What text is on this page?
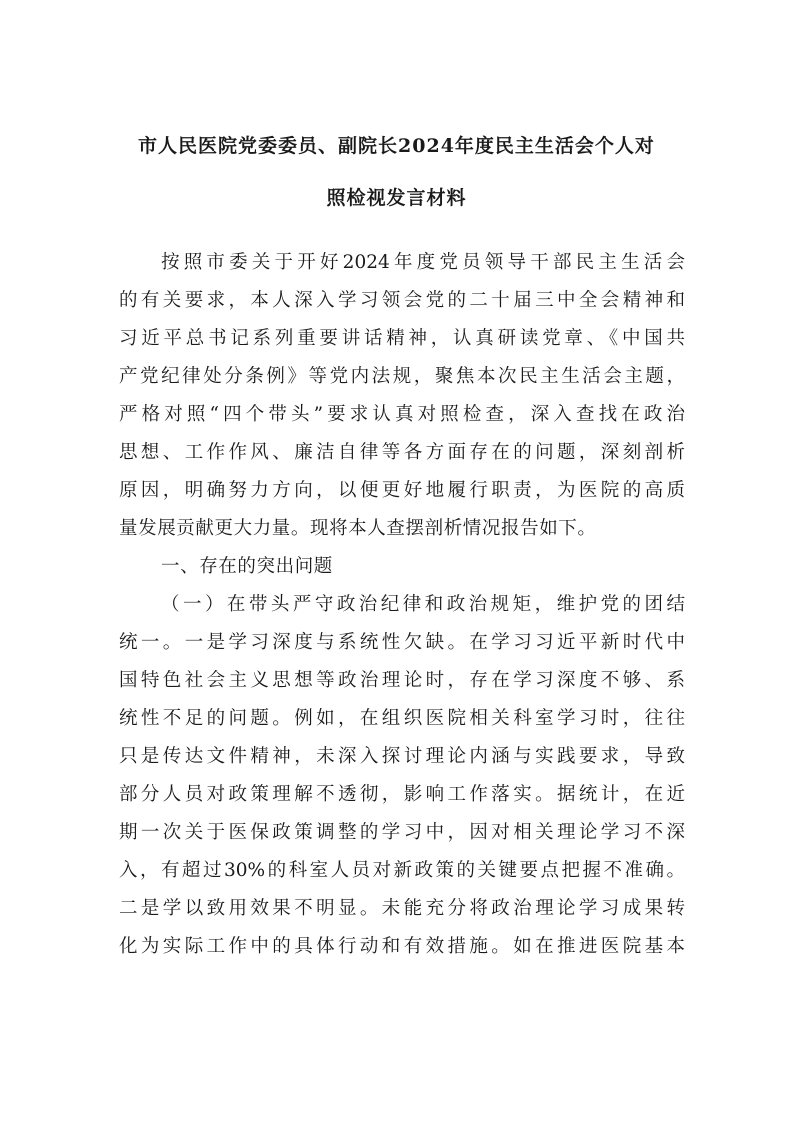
市人民医院党委委员、副院长2024年度民主生活会个人对
照检视发言材料
按照市委关于开好2024年度党员领导干部民主生活会
的有关要求，本人深入学习领会党的二十届三中全会精神和
习近平总书记系列重要讲话精神，认真研读党章、《中国共
产党纪律处分条例》等党内法规，聚焦本次民主生活会主题，
严格对照“四个带头”要求认真对照检查，深入查找在政治
思想、工作作风、廉洁自律等各方面存在的问题，深刻剖析
原因，明确努力方向，以便更好地履行职责，为医院的高质
量发展贡献更大力量。现将本人查摆剖析情况报告如下。
一、存在的突出问题
（一）在带头严守政治纪律和政治规矩，维护党的团结
统一。一是学习深度与系统性欠缺。在学习习近平新时代中
国特色社会主义思想等政治理论时，存在学习深度不够、系
统性不足的问题。例如，在组织医院相关科室学习时，往往
只是传达文件精神，未深入探讨理论内涵与实践要求，导致
部分人员对政策理解不透彻，影响工作落实。据统计，在近
期一次关于医保政策调整的学习中，因对相关理论学习不深
入，有超过30%的科室人员对新政策的关键要点把握不准确。
二是学以致用效果不明显。未能充分将政治理论学习成果转
化为实际工作中的具体行动和有效措施。如在推进医院基本
